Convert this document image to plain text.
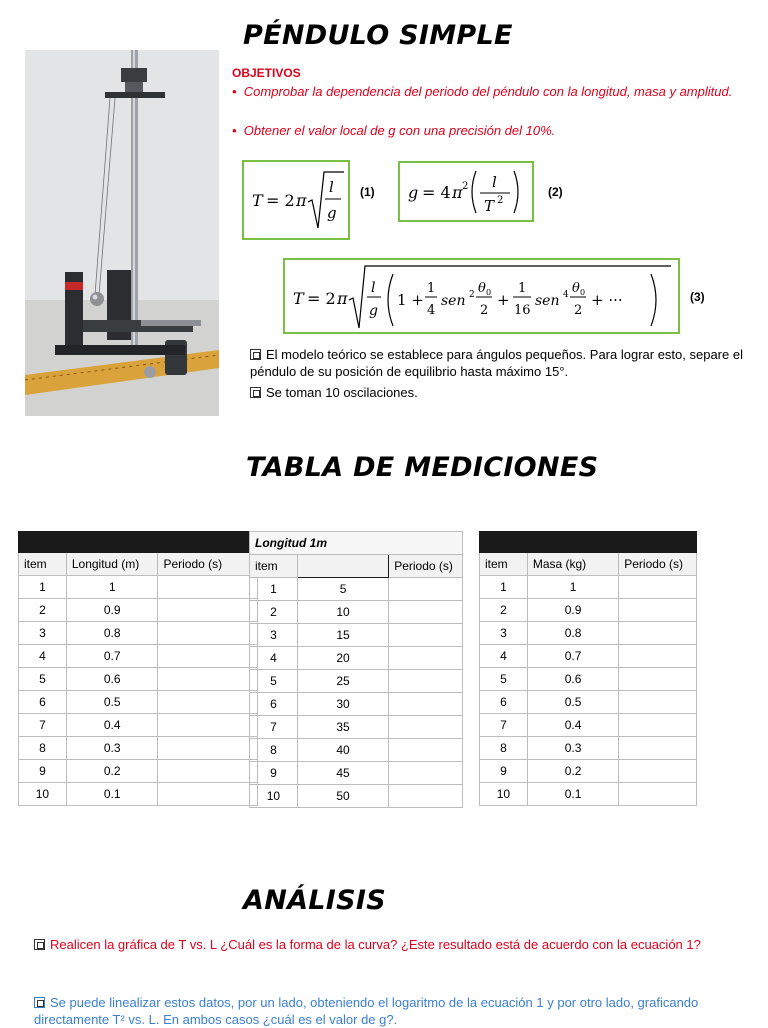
PÉNDULO SIMPLE
OBJETIVOS
•  Comprobar la dependencia del periodo del péndulo con la longitud, masa y amplitud.
•  Obtener el valor local de g con una precisión del 10%.
T = 2 π
l
g
(1) g = 4 π 2 l
T 2
(2)
T = 2 π
l
g
1 +
1
4
sen 2 θ 0
2
+
1
16
sen 4 θ 0
2
+ ···	(3)
El modelo teórico se establece para ángulos pequeños. Para lograr esto, separe el péndulo de su posición de equilibrio hasta máximo 15°.
Se toman 10 oscilaciones.
TABLA DE MEDICIONES

item	Longitud (m)	Periodo (s)
1	1	
2	0.9	
3	0.8	
4	0.7	
5	0.6	
6	0.5	
7	0.4	
8	0.3	
9	0.2	
10	0.1	
Longitud 1m		
item		Periodo (s)
1	5	
2	10	
3	15	
4	20	
5	25	
6	30	
7	35	
8	40	
9	45	
10	50	

item	Masa (kg)	Periodo (s)
1	1	
2	0.9	
3	0.8	
4	0.7	
5	0.6	
6	0.5	
7	0.4	
8	0.3	
9	0.2	
10	0.1	
ANÁLISIS
Realicen la gráfica de T vs. L ¿Cuál es la forma de la curva? ¿Este resultado está de acuerdo con la ecuación 1?
Se puede linealizar estos datos, por un lado, obteniendo el logaritmo de la ecuación 1 y por otro lado, graficando directamente T² vs. L. En ambos casos ¿cuál es el valor de g?.
